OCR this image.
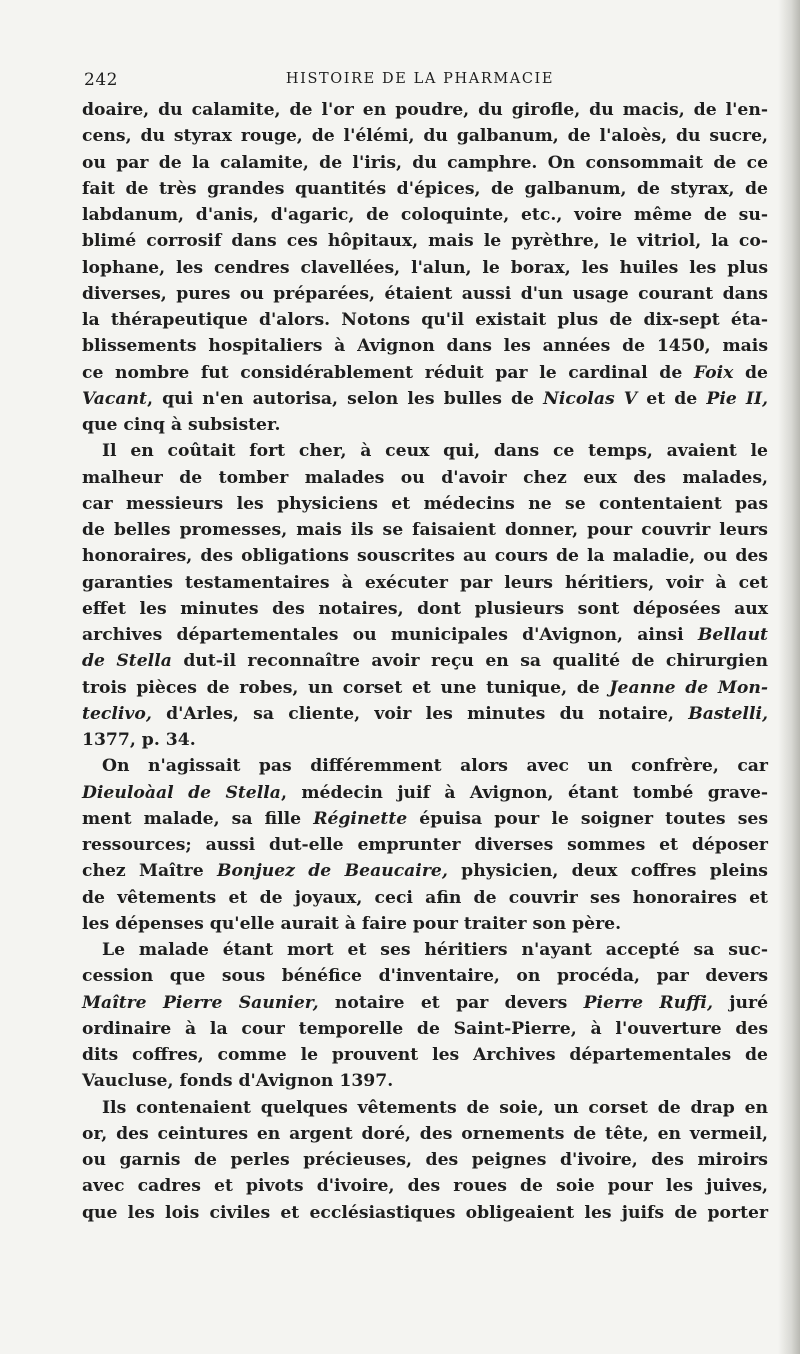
242	HISTOIRE DE LA PHARMACIE
doaire, du calamite, de l'or en poudre, du girofle, du macis, de l'en-
cens, du styrax rouge, de l'élémi, du galbanum, de l'aloès, du sucre,
ou par de la calamite, de l'iris, du camphre. On consommait de ce
fait de très grandes quantités d'épices, de galbanum, de styrax, de
labdanum, d'anis, d'agaric, de coloquinte, etc., voire même de su-
blimé corrosif dans ces hôpitaux, mais le pyrèthre, le vitriol, la co-
lophane, les cendres clavellées, l'alun, le borax, les huiles les plus
diverses, pures ou préparées, étaient aussi d'un usage courant dans
la thérapeutique d'alors. Notons qu'il existait plus de dix-sept éta-
blissements hospitaliers à Avignon dans les années de 1450, mais
ce nombre fut considérablement réduit par le cardinal de Foix de
Vacant, qui n'en autorisa, selon les bulles de Nicolas V et de Pie II,
que cinq à subsister.
Il en coûtait fort cher, à ceux qui, dans ce temps, avaient le
malheur de tomber malades ou d'avoir chez eux des malades,
car messieurs les physiciens et médecins ne se contentaient pas
de belles promesses, mais ils se faisaient donner, pour couvrir leurs
honoraires, des obligations souscrites au cours de la maladie, ou des
garanties testamentaires à exécuter par leurs héritiers, voir à cet
effet les minutes des notaires, dont plusieurs sont déposées aux
archives départementales ou municipales d'Avignon, ainsi Bellaut
de Stella dut-il reconnaître avoir reçu en sa qualité de chirurgien
trois pièces de robes, un corset et une tunique, de Jeanne de Mon-
teclivo, d'Arles, sa cliente, voir les minutes du notaire, Bastelli,
1377, p. 34.
On n'agissait pas différemment alors avec un confrère, car
Dieuloàal de Stella, médecin juif à Avignon, étant tombé grave-
ment malade, sa fille Réginette épuisa pour le soigner toutes ses
ressources; aussi dut-elle emprunter diverses sommes et déposer
chez Maître Bonjuez de Beaucaire, physicien, deux coffres pleins
de vêtements et de joyaux, ceci afin de couvrir ses honoraires et
les dépenses qu'elle aurait à faire pour traiter son père.
Le malade étant mort et ses héritiers n'ayant accepté sa suc-
cession que sous bénéfice d'inventaire, on procéda, par devers
Maître Pierre Saunier, notaire et par devers Pierre Ruffi, juré
ordinaire à la cour temporelle de Saint-Pierre, à l'ouverture des
dits coffres, comme le prouvent les Archives départementales de
Vaucluse, fonds d'Avignon 1397.
Ils contenaient quelques vêtements de soie, un corset de drap en
or, des ceintures en argent doré, des ornements de tête, en vermeil,
ou garnis de perles précieuses, des peignes d'ivoire, des miroirs
avec cadres et pivots d'ivoire, des roues de soie pour les juives,
que les lois civiles et ecclésiastiques obligeaient les juifs de porter
